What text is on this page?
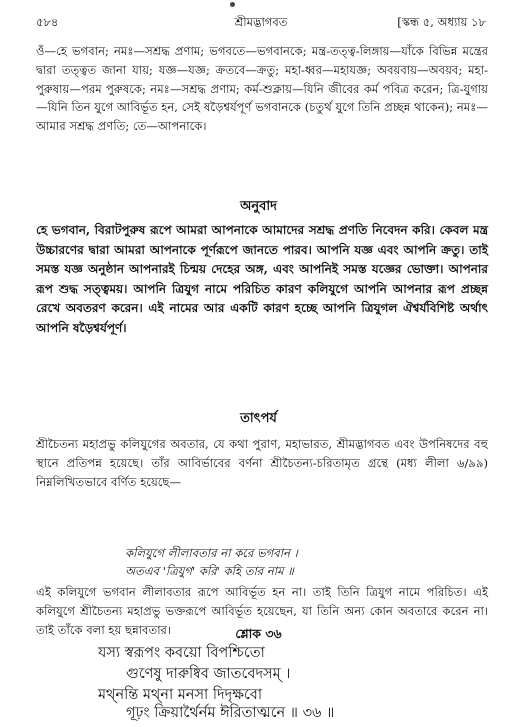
৫৮৪	শ্রীমদ্ভাগবত	[স্কন্ধ ৫, অধ্যায় ১৮
ওঁ—হে ভগবান; নমঃ—সশ্রদ্ধ প্রণাম; ভগবতে—ভগবানকে; মন্ত্র-তত্ত্ব-লিঙ্গায়—যাঁকে বিভিন্ন মন্ত্রের দ্বারা তত্ত্বত জানা যায়; যজ্ঞ—যজ্ঞ; ক্রতবে—ক্রতু; মহা-ধ্বর—মহাযজ্ঞ; অবয়বায়—অবয়ব; মহা-পুরুষায়—পরম পুরুষকে; নমঃ—সশ্রদ্ধ প্রণাম; কর্ম-শুক্লায়—যিনি জীবের কর্ম পবিত্র করেন; ত্রি-যুগায়—যিনি তিন যুগে আবির্ভূত হন, সেই ষড়ৈশ্বর্যপূর্ণ ভগবানকে (চতুর্থ যুগে তিনি প্রচ্ছন্ন থাকেন); নমঃ—আমার সশ্রদ্ধ প্রণতি; তে—আপনাকে।
অনুবাদ
হে ভগবান, বিরাটপুরুষ রূপে আমরা আপনাকে আমাদের সশ্রদ্ধ প্রণতি নিবেদন করি। কেবল মন্ত্র উচ্চারণের দ্বারা আমরা আপনাকে পূর্ণরূপে জানতে পারব। আপনি যজ্ঞ এবং আপনি ক্রতু। তাই সমস্ত যজ্ঞ অনুষ্ঠান আপনারই চিন্ময় দেহের অঙ্গ, এবং আপনিই সমস্ত যজ্ঞের ভোক্তা। আপনার রূপ শুদ্ধ সত্ত্বময়। আপনি ত্রিযুগ নামে পরিচিত কারণ কলিযুগে আপনি আপনার রূপ প্রচ্ছন্ন রেখে অবতরণ করেন। এই নামের আর একটি কারণ হচ্ছে আপনি ত্রিযুগল ঐশ্বর্যবিশিষ্ট অর্থাৎ আপনি ষড়ৈশ্বর্যপূর্ণ।
তাৎপর্য
শ্রীচৈতন্য মহাপ্রভু কলিযুগের অবতার, যে কথা পুরাণ, মহাভারত, শ্রীমদ্ভাগবত এবং উপনিষদের বহু স্থানে প্রতিপন্ন হয়েছে। তাঁর আবির্ভাবের বর্ণনা শ্রীচৈতন্য-চরিতামৃত গ্রন্থে (মধ্য লীলা ৬/৯৯) নিম্নলিখিতভাবে বর্ণিত হয়েছে—
কলিযুগে লীলাবতার না করে ভগবান ।
অতএব 'ত্রিযুগ' করি' কহি তার নাম ॥
এই কলিযুগে ভগবান লীলাবতার রূপে আবির্ভূত হন না। তাই তিনি ত্রিযুগ নামে পরিচিত। এই কলিযুগে শ্রীচৈতন্য মহাপ্রভু ভক্তরূপে আবির্ভূত হয়েছেন, যা তিনি অন্য কোন অবতারে করেন না। তাই তাঁকে বলা হয় ছন্নাবতার।	শ্লোক ৩৬
যস্য স্বরূপং কবয়ো বিপশ্চিতো
গুণেষু দারুষ্বিব জাতবেদসম্ ।
মথ্নন্তি মথ্না মনসা দিদৃক্ষবো
গূঢ়ং ক্রিয়ার্থৈর্নম ঈরিতাত্মনে ॥ ৩৬ ॥
